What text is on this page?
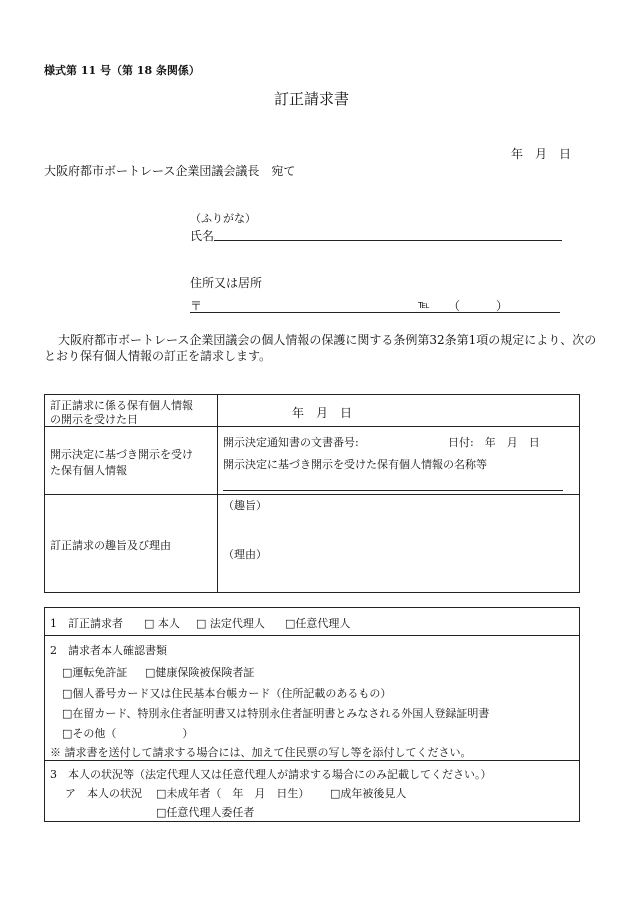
様式第 11 号（第 18 条関係）
訂正請求書
年　月　日
大阪府都市ボートレース企業団議会議長　宛て
（ふりがな）
氏名
住所又は居所
〒	℡ （　　　）
大阪府都市ボートレース企業団議会の個人情報の保護に関する条例第32条第1項の規定により、次の
とおり保有個人情報の訂正を請求します。
訂正請求に係る保有個人情報
の開示を受けた日	年　月　日
開示決定に基づき開示を受け
た保有個人情報
開示決定通知書の文書番号:	日付:　年　月　日
開示決定に基づき開示を受けた保有個人情報の名称等
訂正請求の趣旨及び理由
（趣旨）
（理由）
1　訂正請求者 □ 本人 □ 法定代理人 □任意代理人
2　請求者本人確認書類
□運転免許証 □健康保険被保険者証
□個人番号カード又は住民基本台帳カード（住所記載のあるもの）
□在留カード、特別永住者証明書又は特別永住者証明書とみなされる外国人登録証明書
□その他（　　　　　　）
※ 請求書を送付して請求する場合には、加えて住民票の写し等を添付してください。
3　本人の状況等（法定代理人又は任意代理人が請求する場合にのみ記載してください。）
ア　本人の状況 □未成年者（　年　月　日生） □成年被後見人
□任意代理人委任者
